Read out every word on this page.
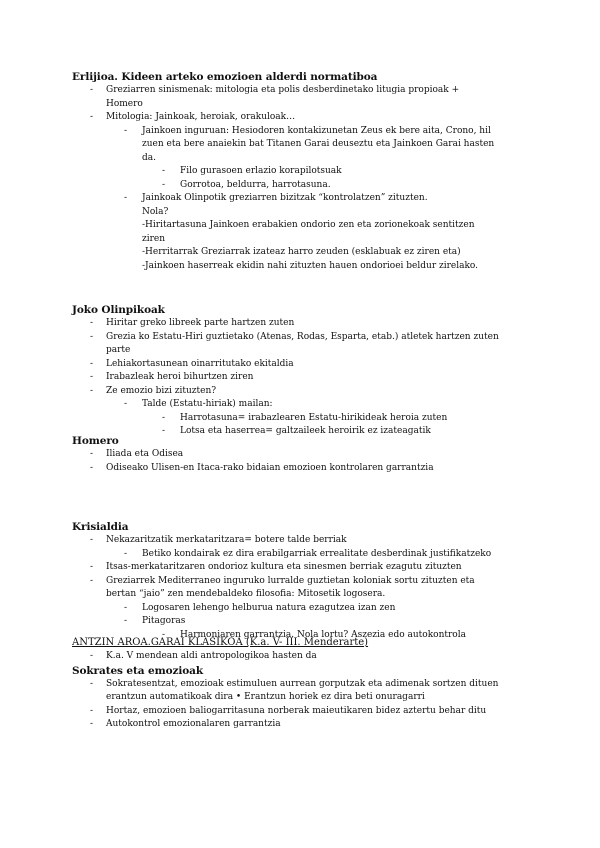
Erlijioa. Kideen arteko emozioen alderdi normatiboa
- Greziarren sinismenak: mitologia eta polis desberdinetako litugia propioak +
Homero
- Mitologia: Jainkoak, heroiak, orakuloak…
- Jainkoen inguruan: Hesiodoren kontakizunetan Zeus ek bere aita, Crono, hil
zuen eta bere anaiekin bat Titanen Garai deuseztu eta Jainkoen Garai hasten
da.
- Filo gurasoen erlazio korapilotsuak
- Gorrotoa, beldurra, harrotasuna.
- Jainkoak Olinpotik greziarren bizitzak “kontrolatzen” zituzten.
Nola?
-Hiritartasuna Jainkoen erabakien ondorio zen eta zorionekoak sentitzen
ziren
-Herritarrak Greziarrak izateaz harro zeuden (esklabuak ez ziren eta)
-Jainkoen haserreak ekidin nahi zituzten hauen ondorioei beldur zirelako.
Joko Olinpikoak
- Hiritar greko libreek parte hartzen zuten
- Grezia ko Estatu-Hiri guztietako (Atenas, Rodas, Esparta, etab.) atletek hartzen zuten
parte
- Lehiakortasunean oinarritutako ekitaldia
- Irabazleak heroi bihurtzen ziren
- Ze emozio bizi zituzten?
- Talde (Estatu-hiriak) mailan:
- Harrotasuna= irabazlearen Estatu-hirikideak heroia zuten
- Lotsa eta haserrea= galtzaileek heroirik ez izateagatik
Homero
- Iliada eta Odisea
- Odiseako Ulisen-en Itaca-rako bidaian emozioen kontrolaren garrantzia
Krisialdia
- Nekazaritzatik merkataritzara= botere talde berriak
- Betiko kondairak ez dira erabilgarriak errealitate desberdinak justifikatzeko
- Itsas-merkataritzaren ondorioz kultura eta sinesmen berriak ezagutu zituzten
- Greziarrek Mediterraneo inguruko lurralde guztietan koloniak sortu zituzten eta
bertan “jaio” zen mendebaldeko filosofia: Mitosetik logosera.
- Logosaren lehengo helburua natura ezagutzea izan zen
- Pitagoras
- Harmoniaren garrantzia. Nola lortu? Aszezia edo autokontrola
ANTZIN AROA.GARAI KLASIKOA (K.a. V- III. Menderarte)
- K.a. V mendean aldi antropologikoa hasten da
Sokrates eta emozioak
- Sokratesentzat, emozioak estimuluen aurrean gorputzak eta adimenak sortzen dituen
erantzun automatikoak dira • Erantzun horiek ez dira beti onuragarri
- Hortaz, emozioen baliogarritasuna norberak maieutikaren bidez aztertu behar ditu
- Autokontrol emozionalaren garrantzia
